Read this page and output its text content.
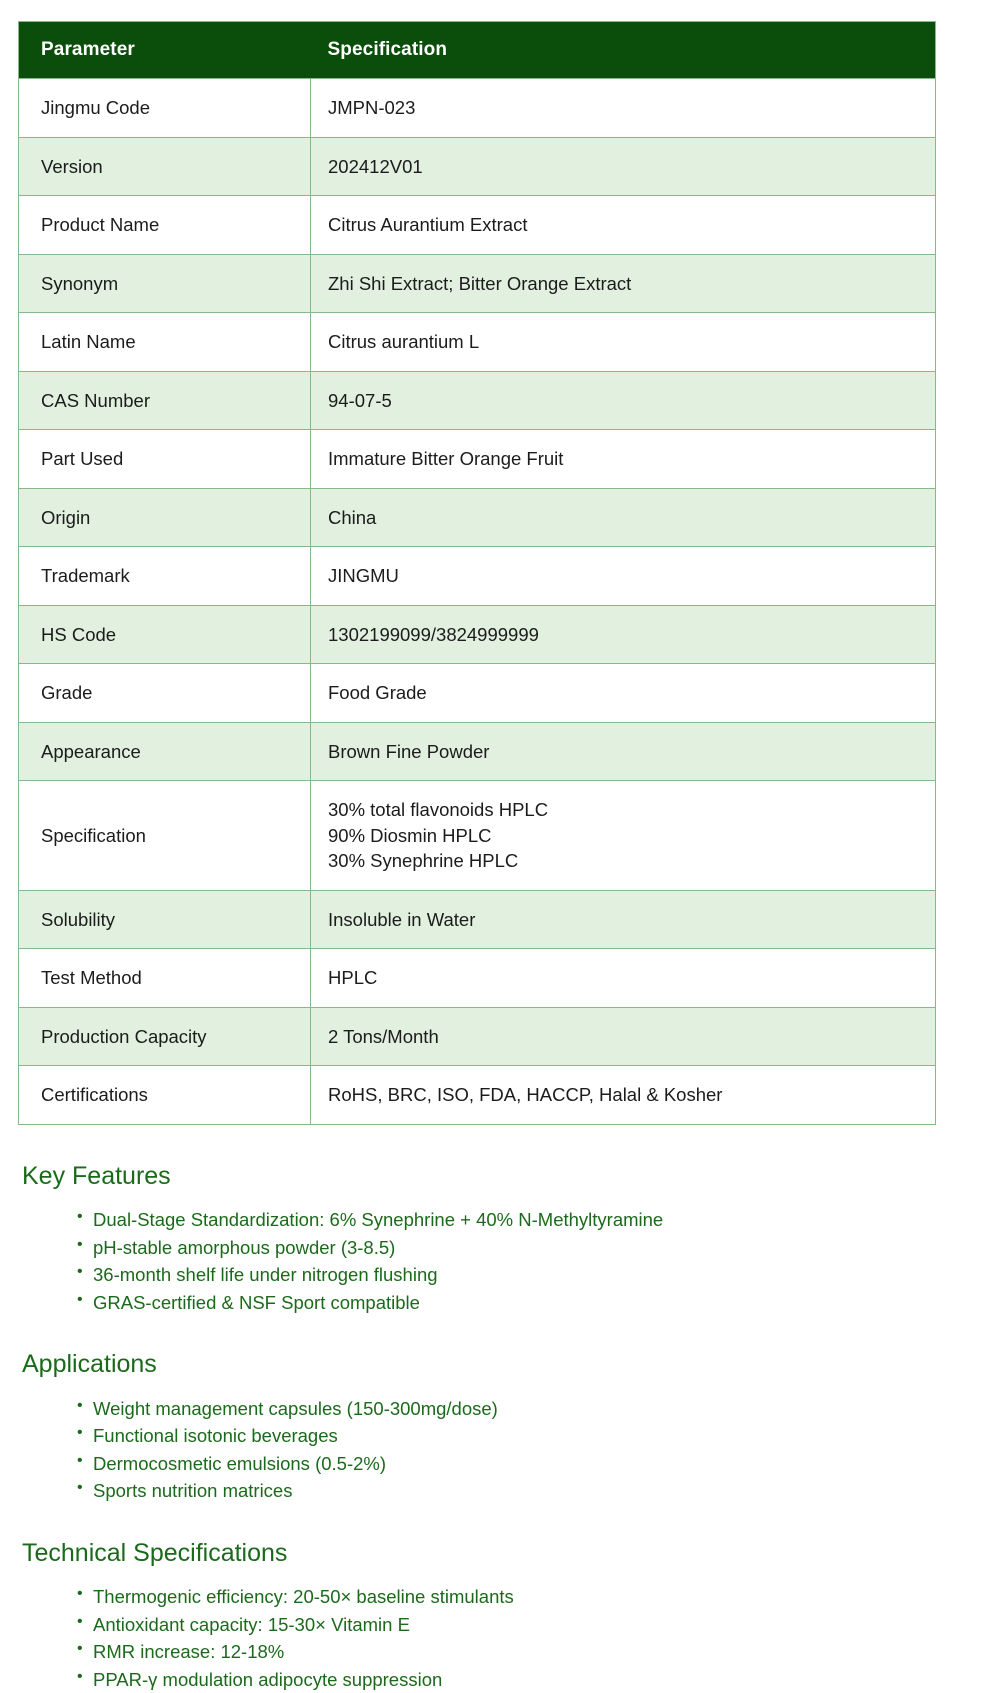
Parameter	Specification
Jingmu Code	JMPN-023
Version	202412V01
Product Name	Citrus Aurantium Extract
Synonym	Zhi Shi Extract; Bitter Orange Extract
Latin Name	Citrus aurantium L
CAS Number	94-07-5
Part Used	Immature Bitter Orange Fruit
Origin	China
Trademark	JINGMU
HS Code	1302199099/3824999999
Grade	Food Grade
Appearance	Brown Fine Powder
Specification	30% total flavonoids HPLC
90% Diosmin HPLC
30% Synephrine HPLC

Solubility	Insoluble in Water
Test Method	HPLC
Production Capacity	2 Tons/Month
Certifications	RoHS, BRC, ISO, FDA, HACCP, Halal & Kosher
Key Features
• Dual-Stage Standardization: 6% Synephrine + 40% N-Methyltyramine
• pH-stable amorphous powder (3-8.5)
• 36-month shelf life under nitrogen flushing
• GRAS-certified & NSF Sport compatible
Applications
• Weight management capsules (150-300mg/dose)
• Functional isotonic beverages
• Dermocosmetic emulsions (0.5-2%)
• Sports nutrition matrices
Technical Specifications
• Thermogenic efficiency: 20-50× baseline stimulants
• Antioxidant capacity: 15-30× Vitamin E
• RMR increase: 12-18%
• PPAR-γ modulation adipocyte suppression
